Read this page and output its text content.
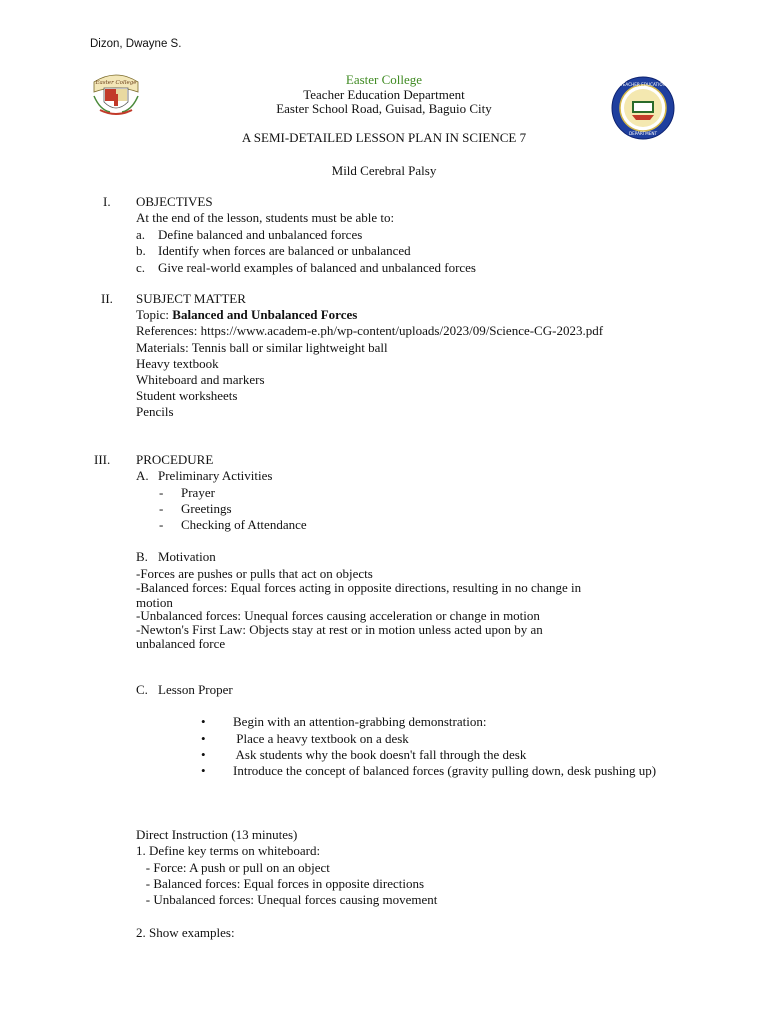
Dizon, Dwayne S.
Easter College	TEACHER EDUCATION
DEPARTMENT
Easter College
Teacher Education Department
Easter School Road, Guisad, Baguio City
A SEMI-DETAILED LESSON PLAN IN SCIENCE 7
Mild Cerebral Palsy
I. OBJECTIVES
At the end of the lesson, students must be able to:
a. Define balanced and unbalanced forces
b. Identify when forces are balanced or unbalanced
c. Give real-world examples of balanced and unbalanced forces
II. SUBJECT MATTER
Topic: Balanced and Unbalanced Forces
References: https://www.academ-e.ph/wp-content/uploads/2023/09/Science-CG-2023.pdf
Materials: Tennis ball or similar lightweight ball
Heavy textbook
Whiteboard and markers
Student worksheets
Pencils
III. PROCEDURE
A. Preliminary Activities
- Prayer
- Greetings
- Checking of Attendance
B. Motivation
-Forces are pushes or pulls that act on objects
-Balanced forces: Equal forces acting in opposite directions, resulting in no change in
motion
-Unbalanced forces: Unequal forces causing acceleration or change in motion
-Newton's First Law: Objects stay at rest or in motion unless acted upon by an
unbalanced force
C. Lesson Proper
• Begin with an attention-grabbing demonstration:
• Place a heavy textbook on a desk
• Ask students why the book doesn't fall through the desk
•	Introduce the concept of balanced forces (gravity pulling down, desk pushing up)
Direct Instruction (13 minutes)
1. Define key terms on whiteboard:
- Force: A push or pull on an object
- Balanced forces: Equal forces in opposite directions
- Unbalanced forces: Unequal forces causing movement
2. Show examples:
